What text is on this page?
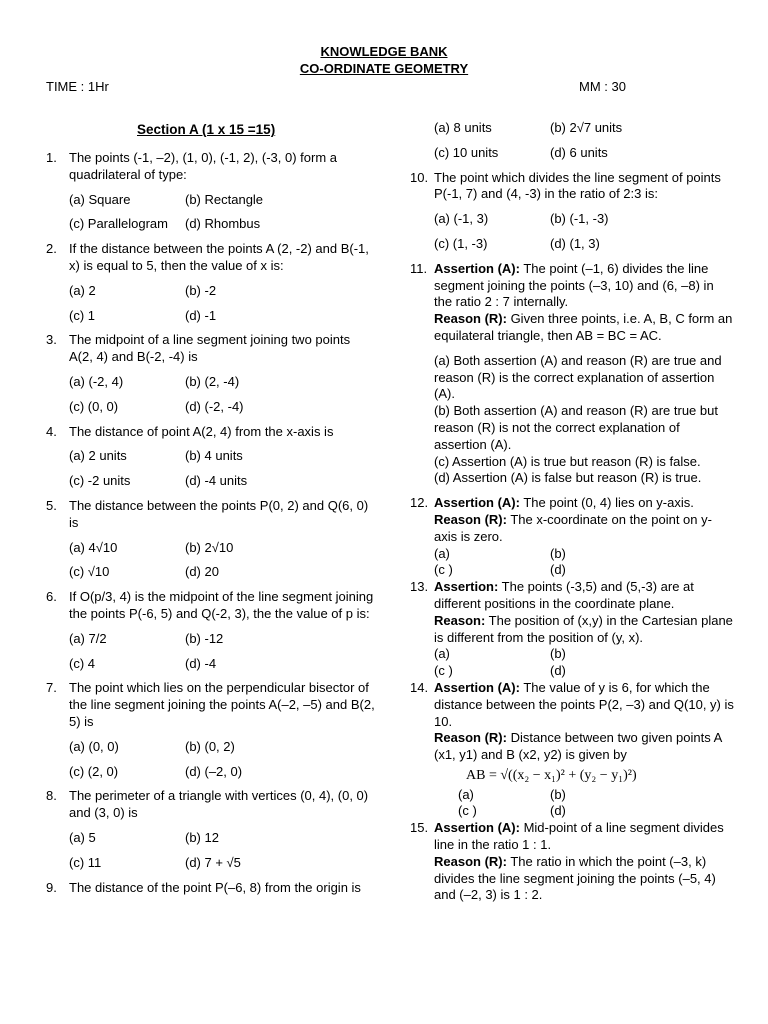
KNOWLEDGE BANK
CO-ORDINATE GEOMETRY
TIME : 1Hr	MM : 30
Section A (1 x 15 =15)
1. The points (-1, –2), (1, 0), (-1, 2), (-3, 0) form a quadrilateral of type:
(a) Square	(b) Rectangle
(c) Parallelogram	(d) Rhombus
2. If the distance between the points A (2, -2) and B(-1, x) is equal to 5, then the value of x is:
(a) 2	(b) -2
(c) 1	(d) -1
3. The midpoint of a line segment joining two points A(2, 4) and B(-2, -4) is
(a) (-2, 4)	(b) (2, -4)
(c) (0, 0)	(d) (-2, -4)
4. The distance of point A(2, 4) from the x-axis is
(a) 2 units	(b) 4 units
(c) -2 units	(d) -4 units
5. The distance between the points P(0, 2) and Q(6, 0) is
(a) 4√10	(b) 2√10
(c) √10	(d) 20
6. If O(p/3, 4) is the midpoint of the line segment joining the points P(-6, 5) and Q(-2, 3), the the value of p is:
(a) 7/2	(b) -12
(c) 4	(d) -4
7. The point which lies on the perpendicular bisector of the line segment joining the points A(–2, –5) and B(2, 5) is
(a) (0, 0)	(b) (0, 2)
(c) (2, 0)	(d) (–2, 0)
8. The perimeter of a triangle with vertices (0, 4), (0, 0) and (3, 0) is
(a) 5	(b) 12
(c) 11	(d) 7 + √5
9. The distance of the point P(–6, 8) from the origin is
(a) 8 units	(b) 2√7 units
(c) 10 units	(d) 6 units
10. The point which divides the line segment of points P(-1, 7) and (4, -3) in the ratio of 2:3 is:
(a) (-1, 3)	(b) (-1, -3)
(c) (1, -3)	(d) (1, 3)
11. Assertion (A): The point (–1, 6) divides the line segment joining the points (–3, 10) and (6, –8) in the ratio 2 : 7 internally.
Reason (R): Given three points, i.e. A, B, C form an equilateral triangle, then AB = BC = AC.
(a) Both assertion (A) and reason (R) are true and reason (R) is the correct explanation of assertion (A).
(b) Both assertion (A) and reason (R) are true but reason (R) is not the correct explanation of assertion (A).
(c) Assertion (A) is true but reason (R) is false.
(d) Assertion (A) is false but reason (R) is true.
12. Assertion (A): The point (0, 4) lies on y-axis.
Reason (R): The x-coordinate on the point on y-axis is zero.
(a)	(b)
(c )	(d)
13. Assertion: The points (-3,5) and (5,-3) are at different positions in the coordinate plane.
Reason: The position of (x,y) in the Cartesian plane is different from the position of (y, x).
(a)	(b)
(c )	(d)
14. Assertion (A): The value of y is 6, for which the distance between the points P(2, –3) and Q(10, y) is 10.
Reason (R): Distance between two given points A (x1, y1) and B (x2, y2) is given by
AB = √((x₂ − x₁)² + (y₂ − y₁)²)
(a)	(b)
(c )	(d)
15. Assertion (A): Mid-point of a line segment divides line in the ratio 1 : 1.
Reason (R): The ratio in which the point (–3, k) divides the line segment joining the points (–5, 4) and (–2, 3) is 1 : 2.
